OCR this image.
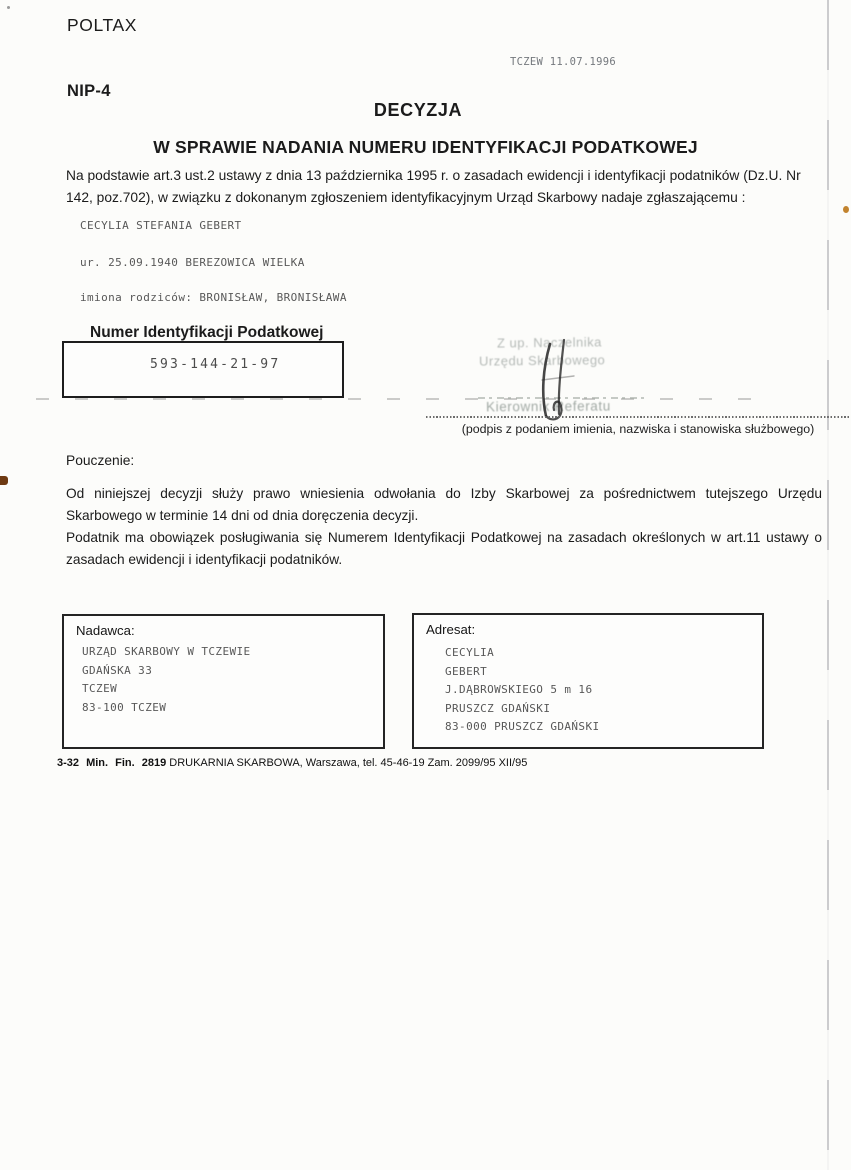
POLTAX
TCZEW 11.07.1996
NIP-4
DECYZJA
W SPRAWIE NADANIA NUMERU IDENTYFIKACJI PODATKOWEJ

Na podstawie art.3 ust.2 ustawy z dnia 13 października 1995 r. o zasadach ewidencji i identyfikacji podatników (Dz.U. Nr 142, poz.702), w związku z dokonanym zgłoszeniem identyfikacyjnym Urząd Skarbowy nadaje zgłaszającemu :

CECYLIA STEFANIA GEBERT
ur. 25.09.1940 BEREZOWICA WIELKA
imiona rodziców: BRONISŁAW, BRONISŁAWA
Numer Identyfikacji Podatkowej
593-144-21-97
Z up. Naczelnika
Urzędu Skarbowego
Kierownik Referatu
(podpis z podaniem imienia, nazwiska i stanowiska służbowego)
Pouczenie:

Od niniejszej decyzji służy prawo wniesienia odwołania do Izby Skarbowej za pośrednictwem tutejszego Urzędu Skarbowego w terminie 14 dni od dnia doręczenia decyzji.

Podatnik ma obowiązek posługiwania się Numerem Identyfikacji Podatkowej na zasadach określonych w art.11 ustawy o zasadach ewidencji i identyfikacji podatników.

Nadawca:
URZĄD SKARBOWY W TCZEWIE
GDAŃSKA 33
TCZEW
83-100 TCZEW
Adresat:
CECYLIA
GEBERT
J.DĄBROWSKIEGO 5 m 16
PRUSZCZ GDAŃSKI
83-000 PRUSZCZ GDAŃSKI
3-32 Min. Fin. 2819 DRUKARNIA SKARBOWA, Warszawa, tel. 45-46-19 Zam. 2099/95 XII/95
